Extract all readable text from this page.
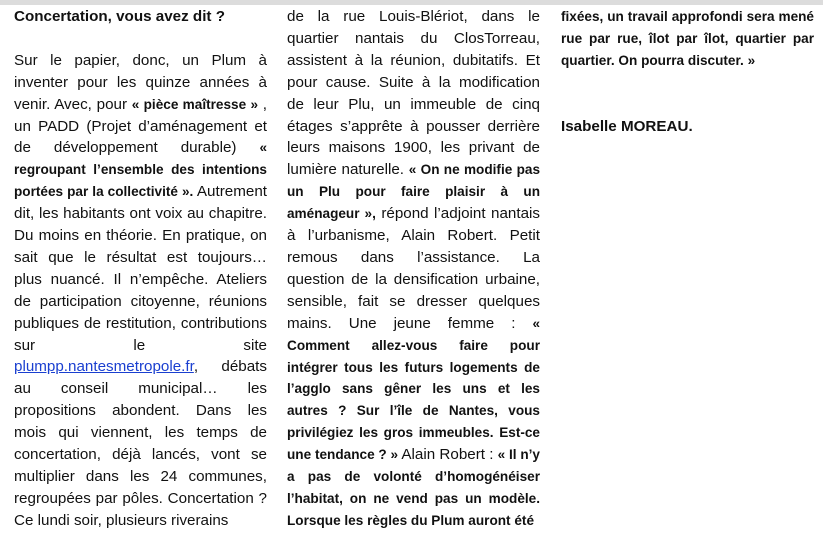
Concertation, vous avez dit ?

Sur le papier, donc, un Plum à inventer pour les quinze années à venir. Avec, pour « pièce maîtresse » , un PADD (Projet d’aménagement et de développement durable) « regroupant l’ensemble des intentions portées par la collectivité ». Autrement dit, les habitants ont voix au chapitre. Du moins en théorie. En pratique, on sait que le résultat est toujours… plus nuancé. Il n’empêche. Ateliers de participation citoyenne, réunions publiques de restitution, contributions sur le site plumpp.nantesmetropole.fr, débats au conseil municipal… les propositions abondent. Dans les mois qui viennent, les temps de concertation, déjà lancés, vont se multiplier dans les 24 communes, regroupées par pôles. Concertation ? Ce lundi soir, plusieurs riverains

de la rue Louis-Blériot, dans le quartier nantais du ClosTorreau, assistent à la réunion, dubitatifs. Et pour cause. Suite à la modification de leur Plu, un immeuble de cinq étages s’apprête à pousser derrière leurs maisons 1900, les privant de lumière naturelle. « On ne modifie pas un Plu pour faire plaisir à un aménageur », répond l’adjoint nantais à l’urbanisme, Alain Robert. Petit remous dans l’assistance. La question de la densification urbaine, sensible, fait se dresser quelques mains. Une jeune femme : « Comment allez-vous faire pour intégrer tous les futurs logements de l’agglo sans gêner les uns et les autres ? Sur l’île de Nantes, vous privilégiez les gros immeubles. Est-ce une tendance ? » Alain Robert : « Il n’y a pas de volonté d’homogénéiser l’habitat, on ne vend pas un modèle. Lorsque les règles du Plum auront été

fixées, un travail approfondi sera mené rue par rue, îlot par îlot, quartier par quartier. On pourra discuter. »

Isabelle MOREAU.
